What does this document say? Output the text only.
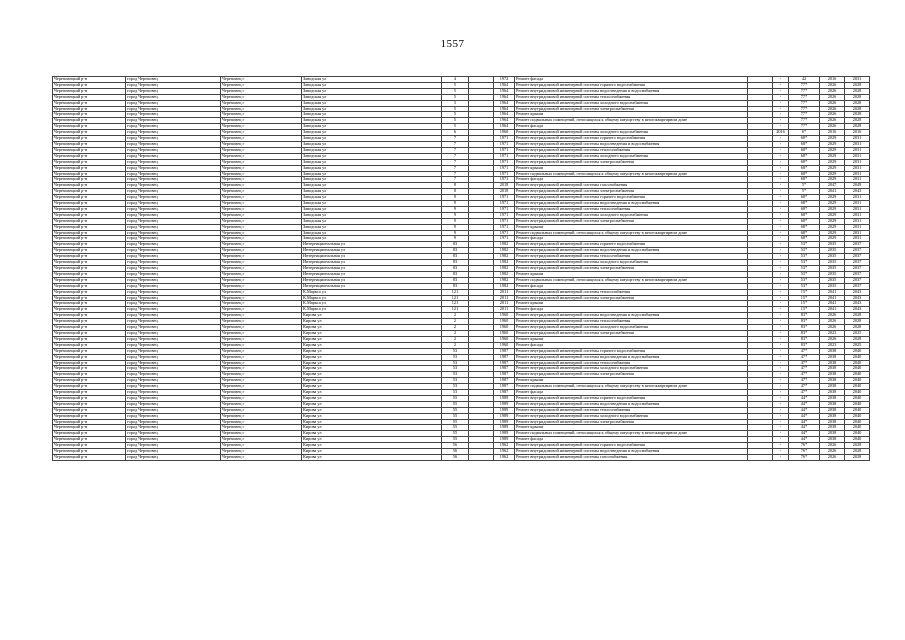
1557
Череповецкий р-н	город Череповец	Череповец г	Заводская ул	4		1972	Ремонт фасада		-	42	2016	2031
Череповецкий р-н	город Череповец	Череповец г	Заводская ул	5		1964	Ремонт внутридомовой инженерной системы горячего водоснабжения		-	77*	2026	2028
Череповецкий р-н	город Череповец	Череповец г	Заводская ул	5		1964	Ремонт внутридомовой инженерной системы водоотведения и водоснабжения		-	77*	2026	2028
Череповецкий р-н	город Череповец	Череповец г	Заводская ул	5		1964	Ремонт внутридомовой инженерной системы теплоснабжения		-	77*	2026	2028
Череповецкий р-н	город Череповец	Череповец г	Заводская ул	5		1964	Ремонт внутридомовой инженерной системы холодного водоснабжения		-	77*	2026	2028
Череповецкий р-н	город Череповец	Череповец г	Заводская ул	5		1964	Ремонт внутридомовой инженерной системы электроснабжения		-	77*	2026	2028
Череповецкий р-н	город Череповец	Череповец г	Заводская ул	5		1964	Ремонт крыши		-	77*	2026	2028
Череповецкий р-н	город Череповец	Череповец г	Заводская ул	5		1964	Ремонт подвальных помещений, относящихся к общему имуществу в многоквартирном доме		-	77*	2026	2028
Череповецкий р-н	город Череповец	Череповец г	Заводская ул	5		1964	Ремонт фасада		-	77*	2026	2028
Череповецкий р-н	город Череповец	Череповец г	Заводская ул	6		1960	Ремонт внутридомовой инженерной системы холодного водоснабжения		2016	6*	2016	2016
Череповецкий р-н	город Череповец	Череповец г	Заводская ул	7		1971	Ремонт внутридомовой инженерной системы горячего водоснабжения		-	68*	2029	2031
Череповецкий р-н	город Череповец	Череповец г	Заводская ул	7		1971	Ремонт внутридомовой инженерной системы водоотведения и водоснабжения		-	68*	2029	2031
Череповецкий р-н	город Череповец	Череповец г	Заводская ул	7		1971	Ремонт внутридомовой инженерной системы теплоснабжения		-	68*	2029	2031
Череповецкий р-н	город Череповец	Череповец г	Заводская ул	7		1971	Ремонт внутридомовой инженерной системы холодного водоснабжения		-	68*	2029	2031
Череповецкий р-н	город Череповец	Череповец г	Заводская ул	7		1971	Ремонт внутридомовой инженерной системы электроснабжения		-	68*	2029	2031
Череповецкий р-н	город Череповец	Череповец г	Заводская ул	7		1971	Ремонт крыши		-	68*	2029	2031
Череповецкий р-н	город Череповец	Череповец г	Заводская ул	7		1971	Ремонт подвальных помещений, относящихся к общему имуществу в многоквартирном доме		-	68*	2029	2031
Череповецкий р-н	город Череповец	Череповец г	Заводская ул	7		1971	Ремонт фасада		-	68*	2029	2031
Череповецкий р-н	город Череповец	Череповец г	Заводская ул	8		2018	Ремонт внутридомовой инженерной системы газоснабжения		-	5*	2047	2049
Череповецкий р-н	город Череповец	Череповец г	Заводская ул	8		2018	Ремонт внутридомовой инженерной системы электроснабжения		-	5*	2041	2043
Череповецкий р-н	город Череповец	Череповец г	Заводская ул	9		1971	Ремонт внутридомовой инженерной системы горячего водоснабжения		-	68*	2029	2031
Череповецкий р-н	город Череповец	Череповец г	Заводская ул	9		1971	Ремонт внутридомовой инженерной системы водоотведения и водоснабжения		-	68*	2029	2031
Череповецкий р-н	город Череповец	Череповец г	Заводская ул	9		1971	Ремонт внутридомовой инженерной системы теплоснабжения		-	68*	2029	2031
Череповецкий р-н	город Череповец	Череповец г	Заводская ул	9		1971	Ремонт внутридомовой инженерной системы холодного водоснабжения		-	68*	2029	2031
Череповецкий р-н	город Череповец	Череповец г	Заводская ул	9		1971	Ремонт внутридомовой инженерной системы электроснабжения		-	68*	2029	2031
Череповецкий р-н	город Череповец	Череповец г	Заводская ул	9		1971	Ремонт крыши		-	68*	2029	2031
Череповецкий р-н	город Череповец	Череповец г	Заводская ул	9		1971	Ремонт подвальных помещений, относящихся к общему имуществу в многоквартирном доме		-	68*	2029	2031
Череповецкий р-н	город Череповец	Череповец г	Заводская ул	9		1971	Ремонт фасада		-	68*	2029	2031
Череповецкий р-н	город Череповец	Череповец г	Интернациональная ул	83		1982	Ремонт внутридомовой инженерной системы горячего водоснабжения		-	53*	2035	2037
Череповецкий р-н	город Череповец	Череповец г	Интернациональная ул	83		1982	Ремонт внутридомовой инженерной системы водоотведения и водоснабжения		-	53*	2035	2037
Череповецкий р-н	город Череповец	Череповец г	Интернациональная ул	83		1982	Ремонт внутридомовой инженерной системы теплоснабжения		-	53*	2035	2037
Череповецкий р-н	город Череповец	Череповец г	Интернациональная ул	83		1982	Ремонт внутридомовой инженерной системы холодного водоснабжения		-	53*	2035	2037
Череповецкий р-н	город Череповец	Череповец г	Интернациональная ул	83		1982	Ремонт внутридомовой инженерной системы электроснабжения		-	53*	2035	2037
Череповецкий р-н	город Череповец	Череповец г	Интернациональная ул	83		1982	Ремонт крыши		-	53*	2035	2037
Череповецкий р-н	город Череповец	Череповец г	Интернациональная ул	83		1982	Ремонт подвальных помещений, относящихся к общему имуществу в многоквартирном доме		-	53*	2035	2037
Череповецкий р-н	город Череповец	Череповец г	Интернациональная ул	83		1982	Ремонт фасада		-	53*	2035	2037
Череповецкий р-н	город Череповец	Череповец г	К.Маркса ул	121		2011	Ремонт внутридомовой инженерной системы теплоснабжения		-	15*	2041	2043
Череповецкий р-н	город Череповец	Череповец г	К.Маркса ул	121		2011	Ремонт внутридомовой инженерной системы электроснабжения		-	15*	2041	2043
Череповецкий р-н	город Череповец	Череповец г	К.Маркса ул	121		2011	Ремонт крыши		-	15*	2041	2043
Череповецкий р-н	город Череповец	Череповец г	К.Маркса ул	121		2011	Ремонт фасада		-	15*	2041	2043
Череповецкий р-н	город Череповец	Череповец г	Кирова ул	2		1960	Ремонт внутридомовой инженерной системы водоотведения и водоснабжения		-	83*	2026	2028
Череповецкий р-н	город Череповец	Череповец г	Кирова ул	2		1960	Ремонт внутридомовой инженерной системы теплоснабжения		-	83*	2026	2028
Череповецкий р-н	город Череповец	Череповец г	Кирова ул	2		1960	Ремонт внутридомовой инженерной системы холодного водоснабжения		-	83*	2026	2028
Череповецкий р-н	город Череповец	Череповец г	Кирова ул	2		1960	Ремонт внутридомовой инженерной системы электроснабжения		-	83*	2023	2025
Череповецкий р-н	город Череповец	Череповец г	Кирова ул	2		1960	Ремонт крыши		-	83*	2026	2028
Череповецкий р-н	город Череповец	Череповец г	Кирова ул	2		1960	Ремонт фасада		-	83*	2023	2025
Череповецкий р-н	город Череповец	Череповец г	Кирова ул	53		1987	Ремонт внутридомовой инженерной системы горячего водоснабжения		-	47*	2038	2040
Череповецкий р-н	город Череповец	Череповец г	Кирова ул	53		1987	Ремонт внутридомовой инженерной системы водоотведения и водоснабжения		-	47*	2038	2040
Череповецкий р-н	город Череповец	Череповец г	Кирова ул	53		1987	Ремонт внутридомовой инженерной системы теплоснабжения		-	47*	2038	2040
Череповецкий р-н	город Череповец	Череповец г	Кирова ул	53		1987	Ремонт внутридомовой инженерной системы холодного водоснабжения		-	47*	2038	2040
Череповецкий р-н	город Череповец	Череповец г	Кирова ул	53		1987	Ремонт внутридомовой инженерной системы электроснабжения		-	47*	2038	2040
Череповецкий р-н	город Череповец	Череповец г	Кирова ул	53		1987	Ремонт крыши		-	47*	2038	2040
Череповецкий р-н	город Череповец	Череповец г	Кирова ул	53		1987	Ремонт подвальных помещений, относящихся к общему имуществу в многоквартирном доме		-	47*	2038	2040
Череповецкий р-н	город Череповец	Череповец г	Кирова ул	53		1987	Ремонт фасада		-	47*	2038	2040
Череповецкий р-н	город Череповец	Череповец г	Кирова ул	55		1989	Ремонт внутридомовой инженерной системы горячего водоснабжения		-	44*	2038	2040
Череповецкий р-н	город Череповец	Череповец г	Кирова ул	55		1989	Ремонт внутридомовой инженерной системы водоотведения и водоснабжения		-	44*	2038	2040
Череповецкий р-н	город Череповец	Череповец г	Кирова ул	55		1989	Ремонт внутридомовой инженерной системы теплоснабжения		-	44*	2038	2040
Череповецкий р-н	город Череповец	Череповец г	Кирова ул	55		1989	Ремонт внутридомовой инженерной системы холодного водоснабжения		-	44*	2038	2040
Череповецкий р-н	город Череповец	Череповец г	Кирова ул	55		1989	Ремонт внутридомовой инженерной системы электроснабжения		-	44*	2038	2040
Череповецкий р-н	город Череповец	Череповец г	Кирова ул	55		1989	Ремонт крыши		-	44*	2038	2040
Череповецкий р-н	город Череповец	Череповец г	Кирова ул	55		1989	Ремонт подвальных помещений, относящихся к общему имуществу в многоквартирном доме		-	44*	2038	2040
Череповецкий р-н	город Череповец	Череповец г	Кирова ул	55		1989	Ремонт фасада		-	44*	2038	2040
Череповецкий р-н	город Череповец	Череповец г	Кирова ул	56		1962	Ремонт внутридомовой инженерной системы горячего водоснабжения		-	76*	2026	2028
Череповецкий р-н	город Череповец	Череповец г	Кирова ул	56		1962	Ремонт внутридомовой инженерной системы водоотведения и водоснабжения		-	76*	2026	2028
Череповецкий р-н	город Череповец	Череповец г	Кирова ул	56		1962	Ремонт внутридомовой инженерной системы газоснабжения		-	76*	2026	2028
